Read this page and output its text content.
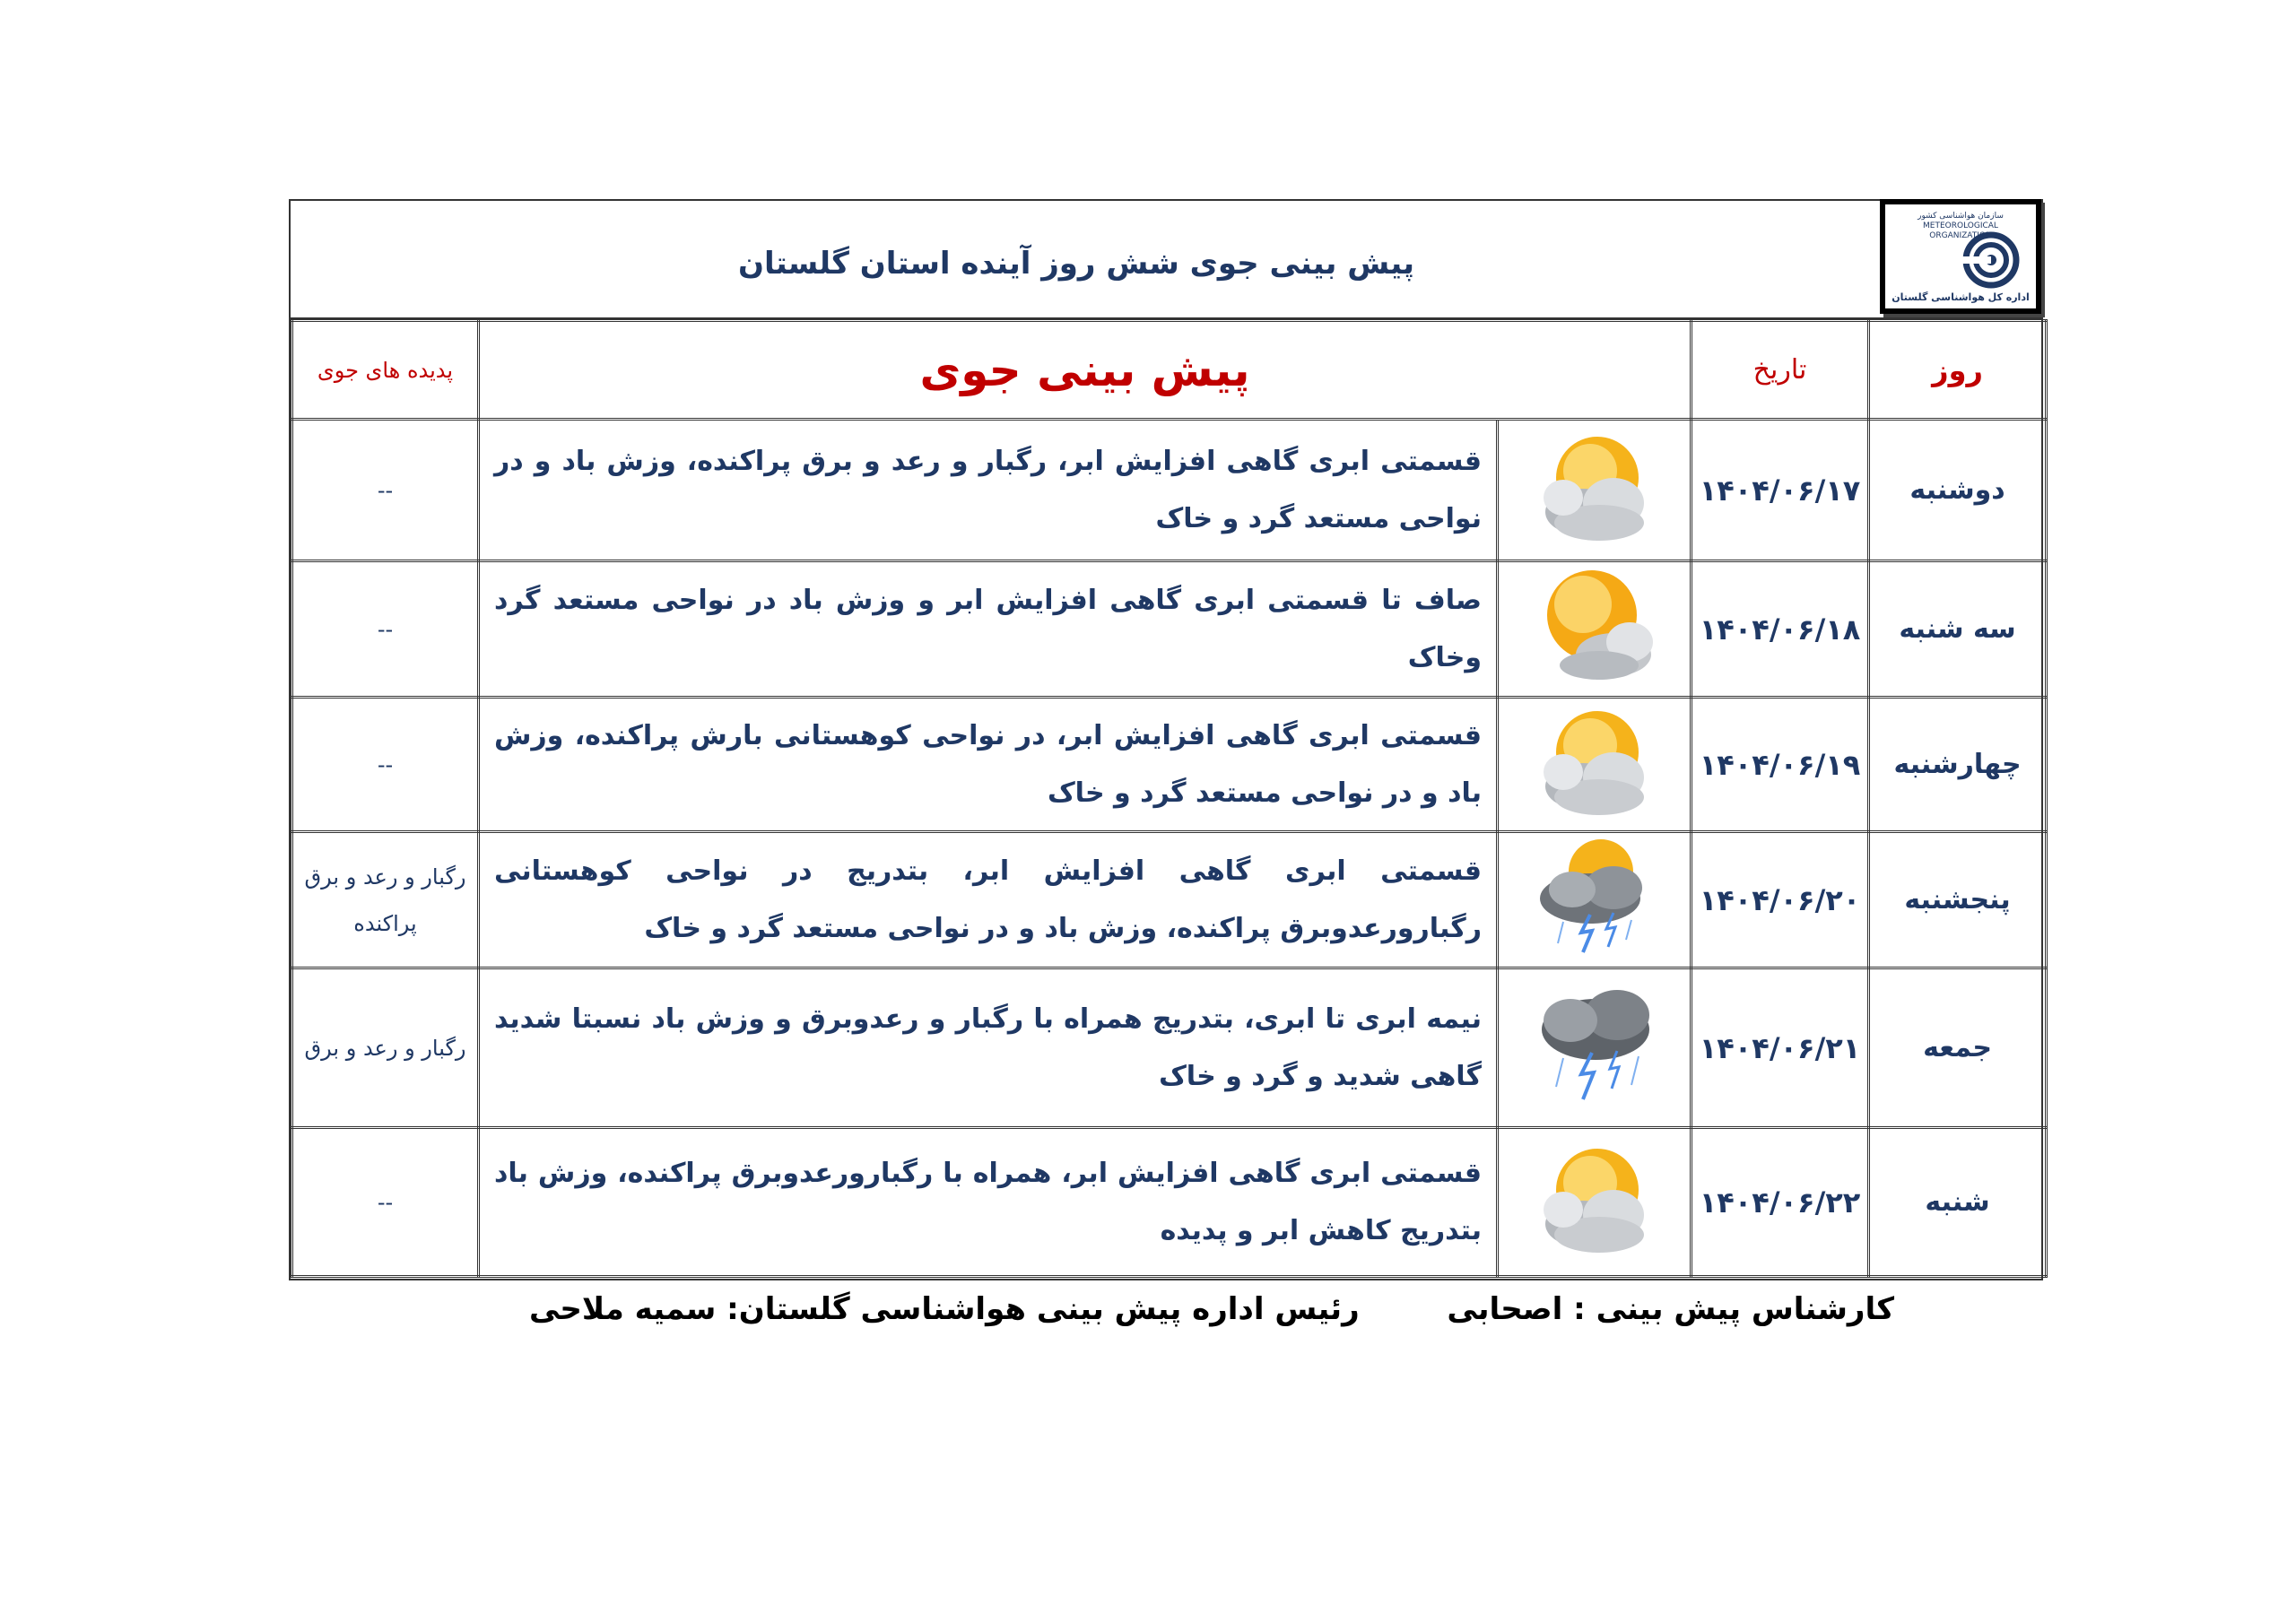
پیش بینی جوی شش روز آینده استان گلستان
سازمان هواشناسی کشور
METEOROLOGICAL
ORGANIZATION
اداره کل هواشناسی گلستان
روز	تاریخ	پیش بینی جوی		پدیده های جوی
دوشنبه	۱۴۰۴/۰۶/۱۷		قسمتی ابری گاهی افزایش ابر، رگبار و رعد و برق پراکنده، وزش باد و در نواحی مستعد گرد و خاک	--
سه شنبه	۱۴۰۴/۰۶/۱۸		صاف تا قسمتی ابری گاهی افزایش ابر و وزش باد در نواحی مستعد گرد وخاک	--
چهارشنبه	۱۴۰۴/۰۶/۱۹		قسمتی ابری گاهی افزایش ابر، در نواحی کوهستانی بارش پراکنده، وزش باد و در نواحی مستعد گرد و خاک	--
پنجشنبه	۱۴۰۴/۰۶/۲۰		قسمتی ابری گاهی افزایش ابر، بتدریج در نواحی کوهستانی رگبارورعدوبرق پراکنده، وزش باد و در نواحی مستعد گرد و خاک	رگبار و رعد و برق پراکنده
جمعه	۱۴۰۴/۰۶/۲۱		نیمه ابری تا ابری، بتدریج همراه با رگبار و رعدوبرق و وزش باد نسبتا شدید گاهی شدید و گرد و خاک	رگبار و رعد و برق
شنبه	۱۴۰۴/۰۶/۲۲		قسمتی ابری گاهی افزایش ابر، همراه با رگبارورعدوبرق پراکنده، وزش باد بتدریج کاهش ابر و پدیده	--
کارشناس پیش بینی : اصحابی
رئیس اداره پیش بینی هواشناسی گلستان: سمیه ملاحی
